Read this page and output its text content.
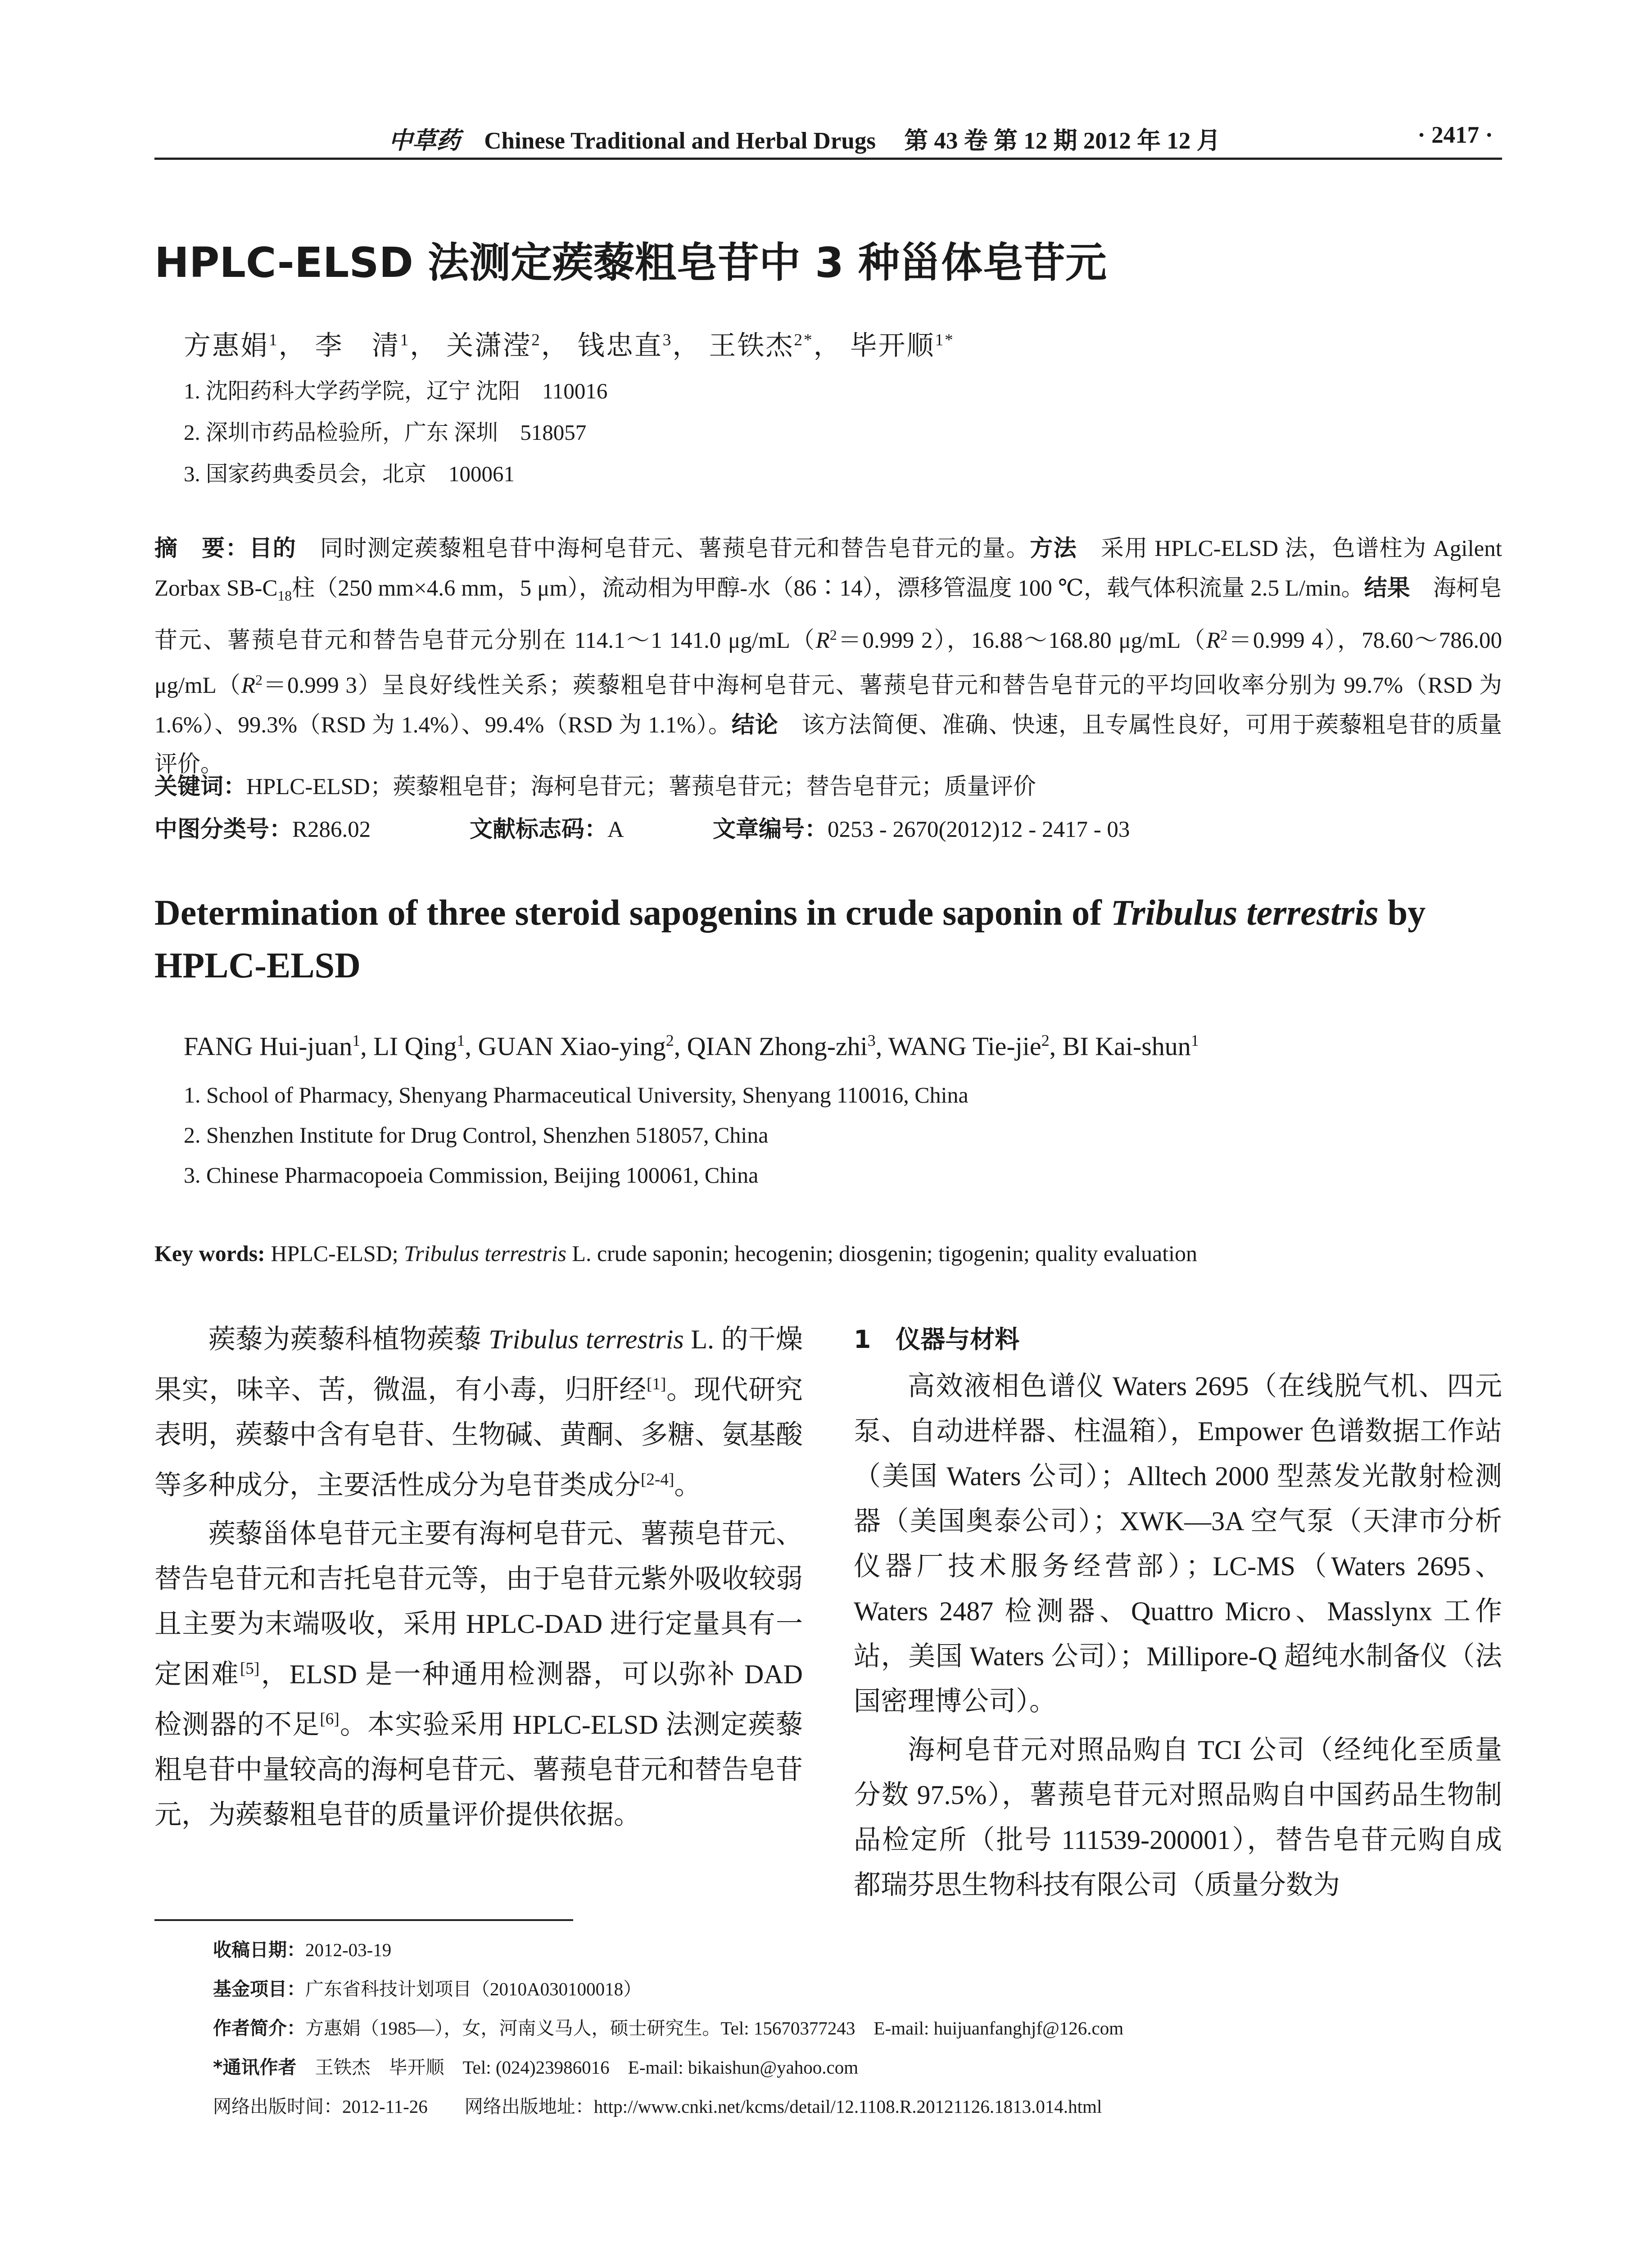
中草药 Chinese Traditional and Herbal Drugs 第 43 卷 第 12 期 2012 年 12 月	· 2417 ·
HPLC-ELSD 法测定蒺藜粗皂苷中 3 种甾体皂苷元
方惠娟$^1$， 李　清$^1$， 关潇滢$^2$， 钱忠直$^3$， 王铁杰$^{2*}$， 毕开顺$^{1*}$
1. 沈阳药科大学药学院，辽宁 沈阳　110016
2. 深圳市药品检验所，广东 深圳　518057
3. 国家药典委员会，北京　100061
摘　要：目的　 同时测定蒺藜粗皂苷中海柯皂苷元、薯蓣皂苷元和替告皂苷元的量。方法　 采用 HPLC-ELSD 法，色谱柱为 Agilent Zorbax $SB-C_{18}$柱（250 mm×4.6 mm，5 μm），流动相为甲醇-水（86∶14），漂移管温度 100 ℃，载气体积流量 2.5 L/min。结果　 海柯皂苷元、薯蓣皂苷元和替告皂苷元分别在 114.1～1 141.0 $\mu g/mL(R^2=0.999$ 2），16.88～168.80 $\mu g/mL(R^2=0.999$ 4），78.60～786.00 $\mu g/mL(R^2=0.999$ 3）呈良好线性关系；蒺藜粗皂苷中海柯皂苷元、薯蓣皂苷元和替告皂苷元的平均回收率分别为 99.7%（RSD 为 1.6%）、99.3%（RSD 为 1.4%）、99.4%（RSD 为 1.1%）。结论　 该方法简便、准确、快速，且专属性良好，可用于蒺藜粗皂苷的质量评价。
关键词：HPLC-ELSD；蒺藜粗皂苷；海柯皂苷元；薯蓣皂苷元；替告皂苷元；质量评价
中图分类号：R286.02	文献标志码：A	文章编号：0253 - 2670(2012)12 - 2417 - 03
Determination of three steroid sapogenins in crude saponin of Tribulus terrestris by HPLC-ELSD
FANG Hui-juan$^1$, LI Qing$^1$, GUAN Xiao-ying$^2$, QIAN Zhong-zhi$^3$, WANG Tie-jie$^2$, BI Kai-shun$^1$
1. School of Pharmacy, Shenyang Pharmaceutical University, Shenyang 110016, China
2. Shenzhen Institute for Drug Control, Shenzhen 518057, China
3. Chinese Pharmacopoeia Commission, Beijing 100061, China
Key words: HPLC-ELSD; Tribulus terrestris L. crude saponin; hecogenin; diosgenin; tigogenin; quality evaluation

蒺藜为蒺藜科植物蒺藜 Tribulus terrestris L. 的干燥果实，味辛、苦，微温，有小毒，归肝经[1]。现代研究表明，蒺藜中含有皂苷、生物碱、黄酮、多糖、氨基酸等多种成分，主要活性成分为皂苷类成分[2-4]。

蒺藜甾体皂苷元主要有海柯皂苷元、薯蓣皂苷元、替告皂苷元和吉托皂苷元等，由于皂苷元紫外吸收较弱且主要为末端吸收，采用 HPLC-DAD 进行定量具有一定困难[5]，ELSD 是一种通用检测器，可以弥补 DAD 检测器的不足[6]。本实验采用 HPLC-ELSD 法测定蒺藜粗皂苷中量较高的海柯皂苷元、薯蓣皂苷元和替告皂苷元，为蒺藜粗皂苷的质量评价提供依据。

1　仪器与材料

高效液相色谱仪 Waters 2695（在线脱气机、四元泵、自动进样器、柱温箱），Empower 色谱数据工作站（美国 Waters 公司）；Alltech 2000 型蒸发光散射检测器（美国奥泰公司）；XWK—3A 空气泵（天津市分析仪器厂技术服务经营部）；LC-MS（Waters 2695、Waters 2487 检测器、Quattro Micro、Masslynx 工作站，美国 Waters 公司）；Millipore-Q 超纯水制备仪（法国密理博公司）。

海柯皂苷元对照品购自 TCI 公司（经纯化至质量分数 97.5%），薯蓣皂苷元对照品购自中国药品生物制品检定所（批号 111539-200001），替告皂苷元购自成都瑞芬思生物科技有限公司（质量分数为

收稿日期：2012-03-19
基金项目：广东省科技计划项目（2010A030100018）
作者简介：方惠娟（1985—），女，河南义马人，硕士研究生。Tel: 15670377243　E-mail: huijuanfanghjf@126.com
*通讯作者　王铁杰　毕开顺　Tel: (024)23986016　E-mail: bikaishun@yahoo.com
网络出版时间：2012-11-26　　网络出版地址：http://www.cnki.net/kcms/detail/12.1108.R.20121126.1813.014.html
